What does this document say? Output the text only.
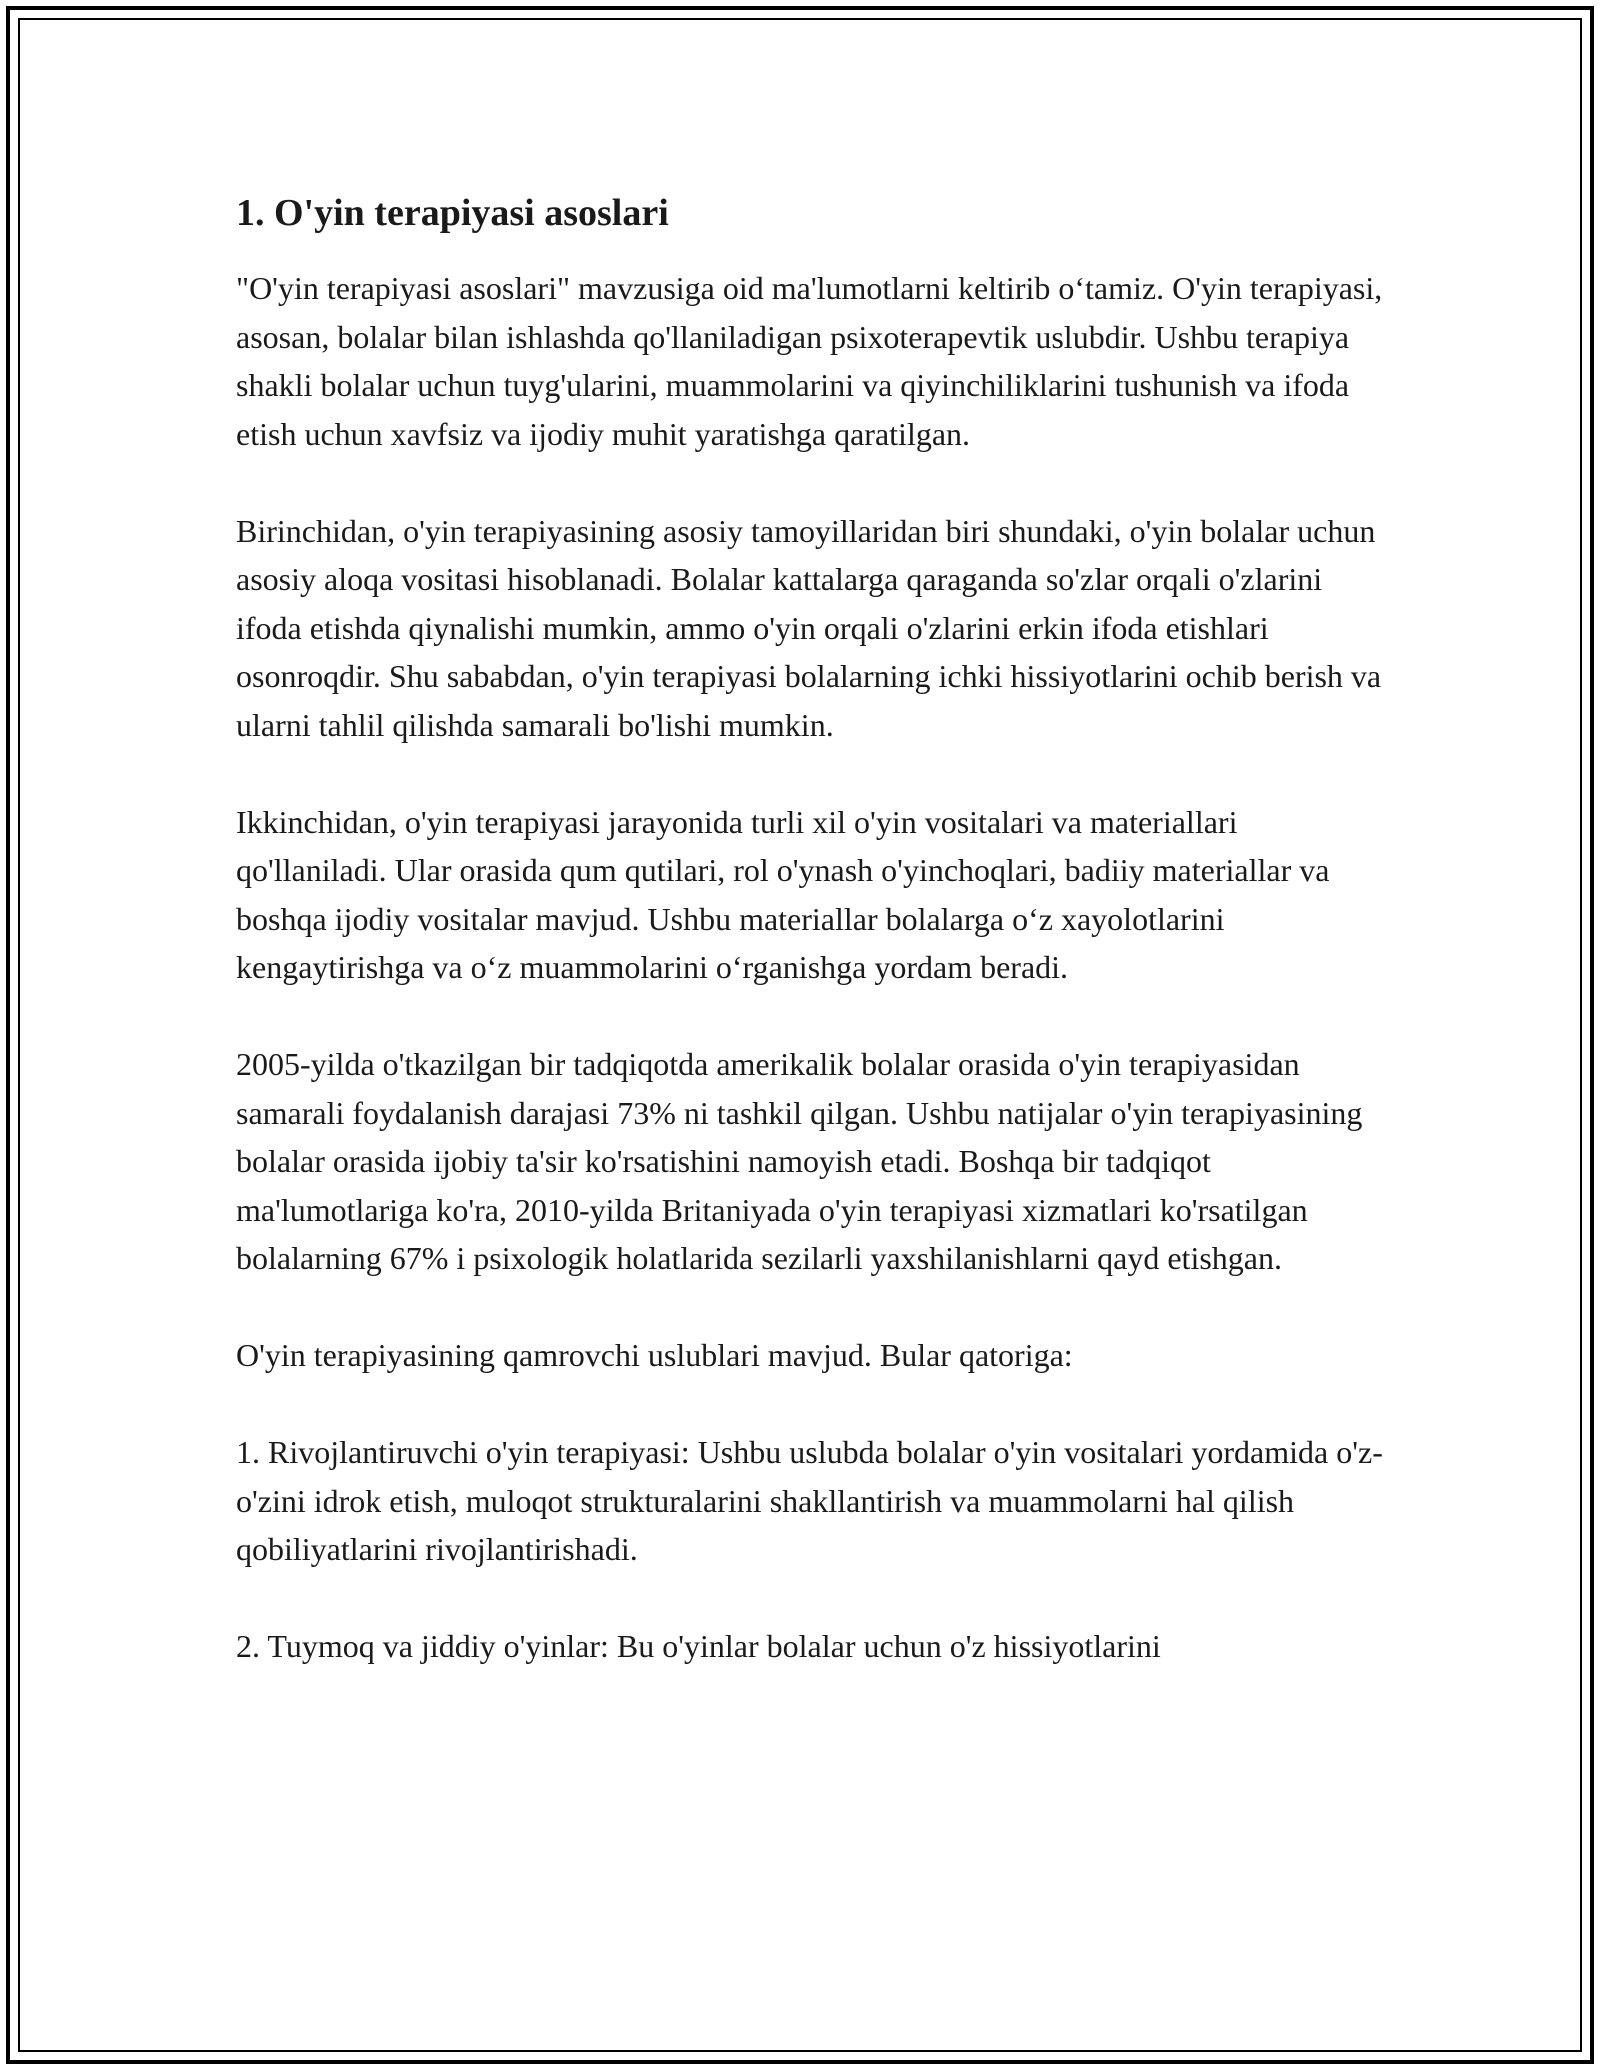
1. O'yin terapiyasi asoslari

"O'yin terapiyasi asoslari" mavzusiga oid ma'lumotlarni keltirib o‘tamiz. O'yin terapiyasi, asosan, bolalar bilan ishlashda qo'llaniladigan psixoterapevtik uslubdir. Ushbu terapiya shakli bolalar uchun tuyg'ularini, muammolarini va qiyinchiliklarini tushunish va ifoda etish uchun xavfsiz va ijodiy muhit yaratishga qaratilgan.

Birinchidan, o'yin terapiyasining asosiy tamoyillaridan biri shundaki, o'yin bolalar uchun asosiy aloqa vositasi hisoblanadi. Bolalar kattalarga qaraganda so'zlar orqali o'zlarini ifoda etishda qiynalishi mumkin, ammo o'yin orqali o'zlarini erkin ifoda etishlari osonroqdir. Shu sababdan, o'yin terapiyasi bolalarning ichki hissiyotlarini ochib berish va ularni tahlil qilishda samarali bo'lishi mumkin.

Ikkinchidan, o'yin terapiyasi jarayonida turli xil o'yin vositalari va materiallari qo'llaniladi. Ular orasida qum qutilari, rol o'ynash o'yinchoqlari, badiiy materiallar va boshqa ijodiy vositalar mavjud. Ushbu materiallar bolalarga o‘z xayolotlarini kengaytirishga va o‘z muammolarini o‘rganishga yordam beradi.

2005-yilda o'tkazilgan bir tadqiqotda amerikalik bolalar orasida o'yin terapiyasidan samarali foydalanish darajasi 73% ni tashkil qilgan. Ushbu natijalar o'yin terapiyasining bolalar orasida ijobiy ta'sir ko'rsatishini namoyish etadi. Boshqa bir tadqiqot ma'lumotlariga ko'ra, 2010-yilda Britaniyada o'yin terapiyasi xizmatlari ko'rsatilgan bolalarning 67% i psixologik holatlarida sezilarli yaxshilanishlarni qayd etishgan.

O'yin terapiyasining qamrovchi uslublari mavjud. Bular qatoriga:

1. Rivojlantiruvchi o'yin terapiyasi: Ushbu uslubda bolalar o'yin vositalari yordamida o'z-o'zini idrok etish, muloqot strukturalarini shakllantirish va muammolarni hal qilish qobiliyatlarini rivojlantirishadi.

2. Tuymoq va jiddiy o'yinlar: Bu o'yinlar bolalar uchun o'z hissiyotlarini
